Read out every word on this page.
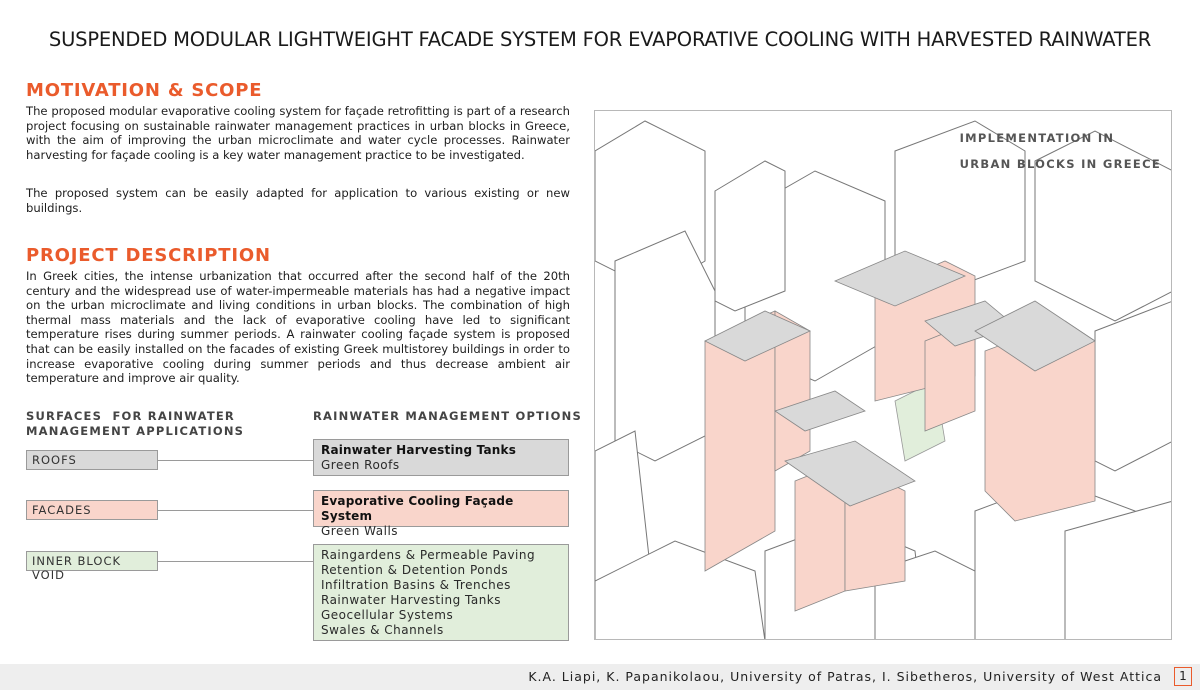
SUSPENDED MODULAR LIGHTWEIGHT FACADE SYSTEM FOR EVAPORATIVE COOLING WITH HARVESTED RAINWATER
MOTIVATION & SCOPE
The proposed modular evaporative cooling system for façade retrofitting is part of a research project focusing on sustainable rainwater management practices in urban blocks in Greece, with the aim of improving the urban microclimate and water cycle processes. Rainwater harvesting for façade cooling is a key water management practice to be investigated.
The proposed system can be easily adapted for application to various existing or new buildings.
PROJECT DESCRIPTION
In Greek cities, the intense urbanization that occurred after the second half of the 20th century and the widespread use of water-impermeable materials has had a negative impact on the urban microclimate and living conditions in urban blocks. The combination of high thermal mass materials and the lack of evaporative cooling have led to significant temperature rises during summer periods. A rainwater cooling façade system is proposed that can be easily installed on the facades of existing Greek multistorey buildings in order to increase evaporative cooling during summer periods and thus decrease ambient air temperature and improve air quality.
SURFACES  FOR RAINWATER
MANAGEMENT APPLICATIONS
RAINWATER MANAGEMENT OPTIONS
ROOFS
FACADES
INNER BLOCK VOID
Rainwater Harvesting Tanks
Green Roofs
Evaporative Cooling Façade System
Green Walls
Raingardens & Permeable Paving
Retention & Detention Ponds
Infiltration Basins & Trenches
Rainwater Harvesting Tanks
Geocellular Systems
Swales & Channels
IMPLEMENTATION IN
URBAN BLOCKS IN GREECE
K.A. Liapi, K. Papanikolaou, University of Patras, I. Sibetheros, University of West Attica	1
